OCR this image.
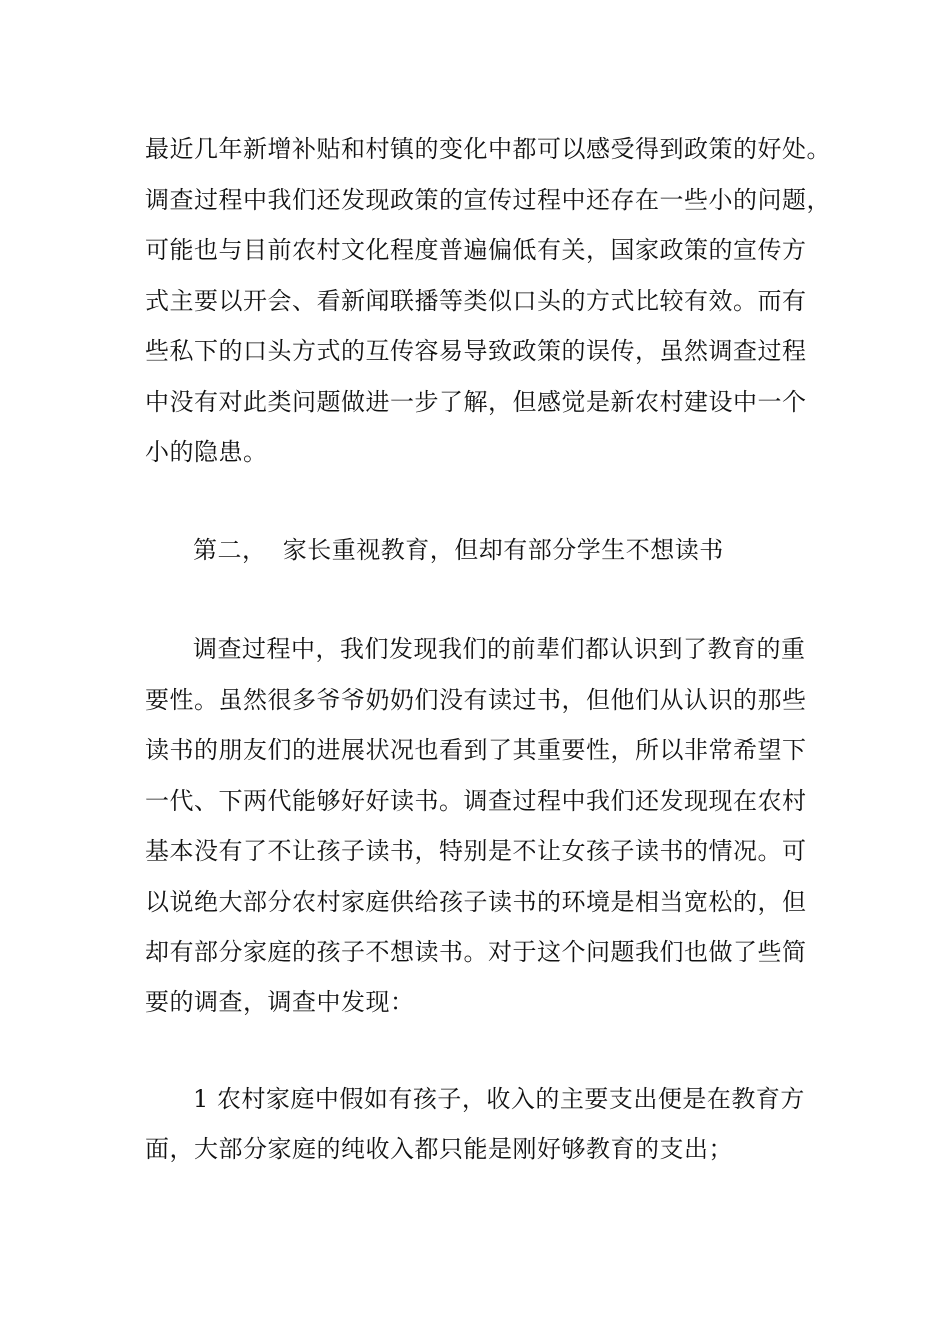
最近几年新增补贴和村镇的变化中都可以感受得到政策的好处。
调查过程中我们还发现政策的宣传过程中还存在一些小的问题，
可能也与目前农村文化程度普遍偏低有关，国家政策的宣传方
式主要以开会、看新闻联播等类似口头的方式比较有效。而有
些私下的口头方式的互传容易导致政策的误传，虽然调查过程
中没有对此类问题做进一步了解，但感觉是新农村建设中一个
小的隐患。
第二，  家长重视教育，但却有部分学生不想读书
调查过程中，我们发现我们的前辈们都认识到了教育的重
要性。虽然很多爷爷奶奶们没有读过书，但他们从认识的那些
读书的朋友们的进展状况也看到了其重要性，所以非常希望下
一代、下两代能够好好读书。调查过程中我们还发现现在农村
基本没有了不让孩子读书，特别是不让女孩子读书的情况。可
以说绝大部分农村家庭供给孩子读书的环境是相当宽松的，但
却有部分家庭的孩子不想读书。对于这个问题我们也做了些简
要的调查，调查中发现：
1 农村家庭中假如有孩子，收入的主要支出便是在教育方
面，大部分家庭的纯收入都只能是刚好够教育的支出；
